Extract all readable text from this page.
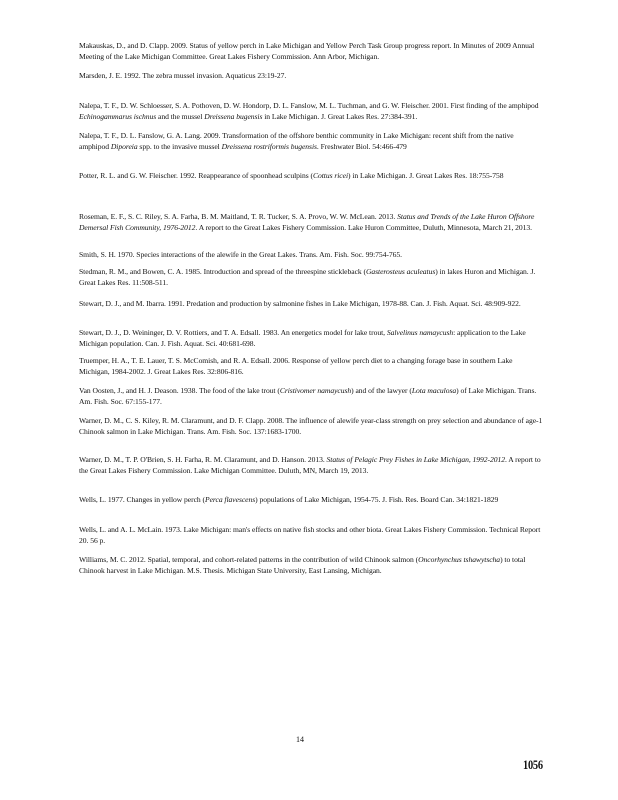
Makauskas, D., and D. Clapp. 2009. Status of yellow perch in Lake Michigan and Yellow Perch Task Group progress report. In Minutes of 2009 Annual Meeting of the Lake Michigan Committee. Great Lakes Fishery Commission. Ann Arbor, Michigan.
Marsden, J. E. 1992. The zebra mussel invasion. Aquaticus 23:19-27.
Nalepa, T. F., D. W. Schloesser, S. A. Pothoven, D. W. Hondorp, D. L. Fanslow, M. L. Tuchman, and G. W. Fleischer. 2001. First finding of the amphipod Echinogammarus ischnus and the mussel Dreissena bugensis in Lake Michigan. J. Great Lakes Res. 27:384-391.
Nalepa, T. F., D. L. Fanslow, G. A. Lang. 2009. Transformation of the offshore benthic community in Lake Michigan: recent shift from the native amphipod Diporeia spp. to the invasive mussel Dreissena rostriformis bugensis. Freshwater Biol. 54:466-479
Potter, R. L. and G. W. Fleischer. 1992. Reappearance of spoonhead sculpins (Cottus ricei) in Lake Michigan. J. Great Lakes Res. 18:755-758
Roseman, E. F., S. C. Riley, S. A. Farha, B. M. Maitland, T. R. Tucker, S. A. Provo, W. W. McLean. 2013. Status and Trends of the Lake Huron Offshore Demersal Fish Community, 1976-2012. A report to the Great Lakes Fishery Commission. Lake Huron Committee, Duluth, Minnesota, March 21, 2013.
Smith, S. H. 1970. Species interactions of the alewife in the Great Lakes. Trans. Am. Fish. Soc. 99:754-765.
Stedman, R. M., and Bowen, C. A. 1985. Introduction and spread of the threespine stickleback (Gasterosteus aculeatus) in lakes Huron and Michigan. J. Great Lakes Res. 11:508-511.
Stewart, D. J., and M. Ibarra. 1991. Predation and production by salmonine fishes in Lake Michigan, 1978-88. Can. J. Fish. Aquat. Sci. 48:909-922.
Stewart, D. J., D. Weininger, D. V. Rottiers, and T. A. Edsall. 1983. An energetics model for lake trout, Salvelinus namaycush: application to the Lake Michigan population. Can. J. Fish. Aquat. Sci. 40:681-698.
Truemper, H. A., T. E. Lauer, T. S. McComish, and R. A. Edsall. 2006. Response of yellow perch diet to a changing forage base in southern Lake Michigan, 1984-2002. J. Great Lakes Res. 32:806-816.
Van Oosten, J., and H. J. Deason. 1938. The food of the lake trout (Cristivomer namaycush) and of the lawyer (Lota maculosa) of Lake Michigan. Trans. Am. Fish. Soc. 67:155-177.
Warner, D. M., C. S. Kiley, R. M. Claramunt, and D. F. Clapp. 2008. The influence of alewife year-class strength on prey selection and abundance of age-1 Chinook salmon in Lake Michigan. Trans. Am. Fish. Soc. 137:1683-1700.
Warner, D. M., T. P. O'Brien, S. H. Farha, R. M. Claramunt, and D. Hanson. 2013. Status of Pelagic Prey Fishes in Lake Michigan, 1992-2012. A report to the Great Lakes Fishery Commission. Lake Michigan Committee. Duluth, MN, March 19, 2013.
Wells, L. 1977. Changes in yellow perch (Perca flavescens) populations of Lake Michigan, 1954-75. J. Fish. Res. Board Can. 34:1821-1829
Wells, L. and A. L. McLain. 1973. Lake Michigan: man's effects on native fish stocks and other biota. Great Lakes Fishery Commission. Technical Report 20. 56 p.
Williams, M. C. 2012. Spatial, temporal, and cohort-related patterns in the contribution of wild Chinook salmon (Oncorhynchus tshawytscha) to total Chinook harvest in Lake Michigan. M.S. Thesis. Michigan State University, East Lansing, Michigan.
14
1056
